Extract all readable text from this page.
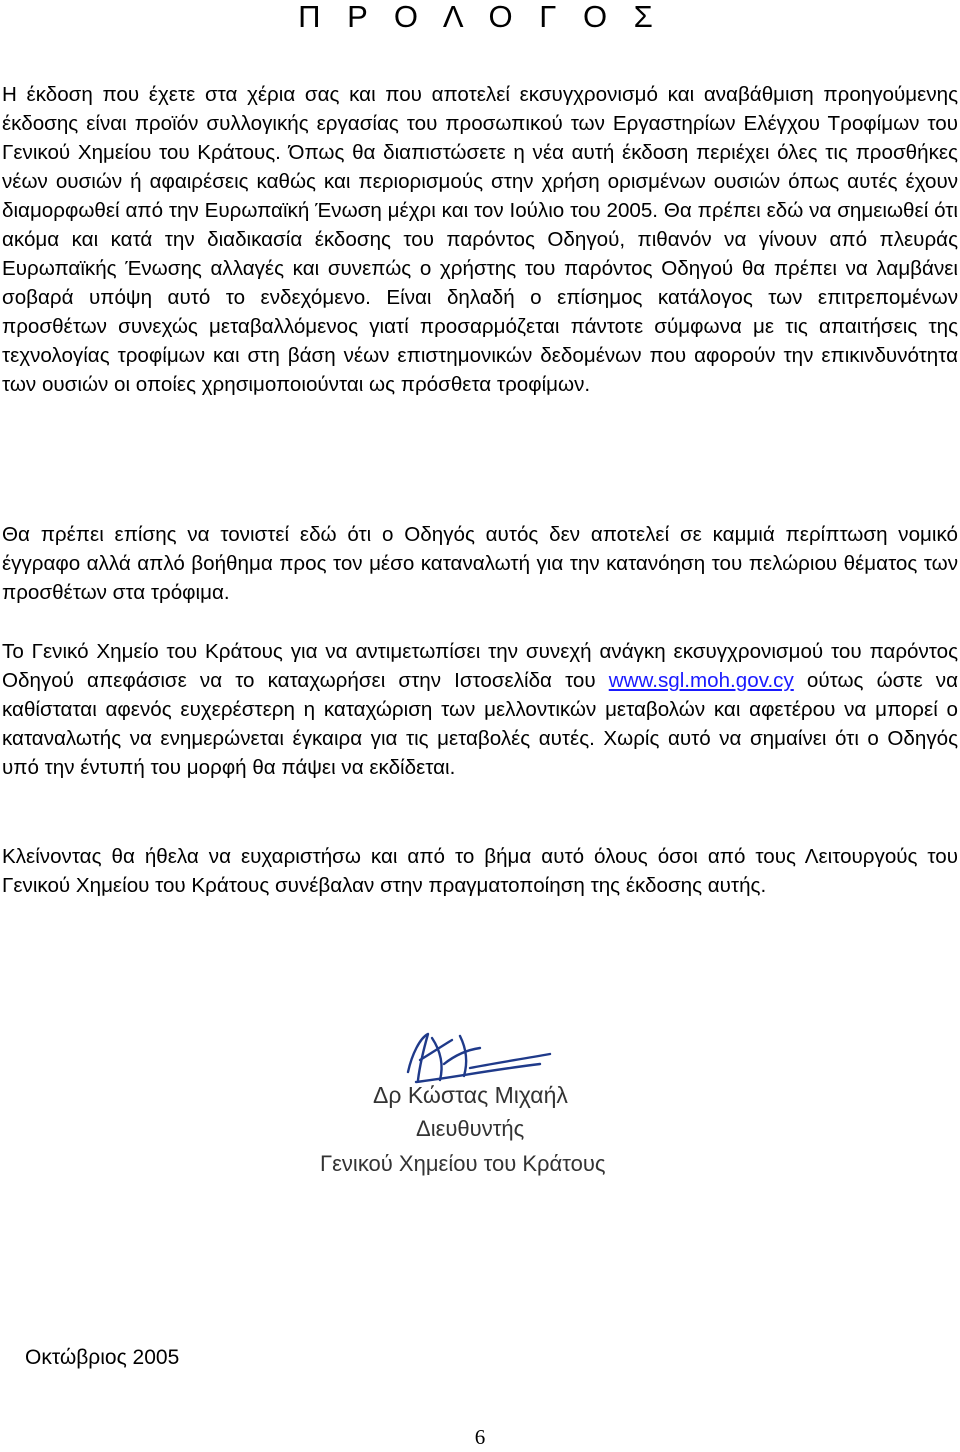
Π Ρ Ο Λ Ο Γ Ο Σ

Η έκδοση που έχετε στα χέρια σας και που αποτελεί εκσυγχρονισμό και αναβάθμιση προηγούμενης έκδοσης είναι προϊόν συλλογικής εργασίας του προσωπικού των Εργαστηρίων Ελέγχου Τροφίμων του Γενικού Χημείου του Κράτους. Όπως θα διαπιστώσετε η νέα αυτή έκδοση περιέχει όλες τις προσθήκες νέων ουσιών ή αφαιρέσεις καθώς και περιορισμούς στην χρήση ορισμένων ουσιών όπως αυτές έχουν διαμορφωθεί από την Ευρωπαϊκή Ένωση μέχρι και τον Ιούλιο του 2005. Θα πρέπει εδώ να σημειωθεί ότι ακόμα και κατά την διαδικασία έκδοσης του παρόντος Οδηγού, πιθανόν να γίνουν από πλευράς Ευρωπαϊκής Ένωσης αλλαγές και συνεπώς ο χρήστης του παρόντος Οδηγού θα πρέπει να λαμβάνει σοβαρά υπόψη αυτό το ενδεχόμενο. Είναι δηλαδή ο επίσημος κατάλογος των επιτρεπομένων προσθέτων συνεχώς μεταβαλλόμενος γιατί προσαρμόζεται πάντοτε σύμφωνα με τις απαιτήσεις της τεχνολογίας τροφίμων και στη βάση νέων επιστημονικών δεδομένων που αφορούν την επικινδυνότητα των ουσιών οι οποίες χρησιμοποιούνται ως πρόσθετα τροφίμων.

Θα πρέπει επίσης να τονιστεί εδώ ότι ο Οδηγός αυτός δεν αποτελεί σε καμμιά περίπτωση νομικό έγγραφο αλλά απλό βοήθημα προς τον μέσο καταναλωτή για την κατανόηση του πελώριου θέματος των προσθέτων στα τρόφιμα.

Το Γενικό Χημείο του Κράτους για να αντιμετωπίσει την συνεχή ανάγκη εκσυγχρονισμού του παρόντος Οδηγού απεφάσισε να το καταχωρήσει στην Ιστοσελίδα του www.sgl.moh.gov.cy ούτως ώστε να καθίσταται αφενός ευχερέστερη η καταχώριση των μελλοντικών μεταβολών και αφετέρου να μπορεί ο καταναλωτής να ενημερώνεται έγκαιρα για τις μεταβολές αυτές. Χωρίς αυτό να σημαίνει ότι ο Οδηγός υπό την έντυπή του μορφή θα πάψει να εκδίδεται.

Κλείνοντας θα ήθελα να ευχαριστήσω και από το βήμα αυτό όλους όσοι από τους Λειτουργούς του Γενικού Χημείου του Κράτους συνέβαλαν στην πραγματοποίηση της έκδοσης αυτής.

Δρ Κώστας Μιχαήλ
Διευθυντής
Γενικού Χημείου του Κράτους
Οκτώβριος 2005
6
